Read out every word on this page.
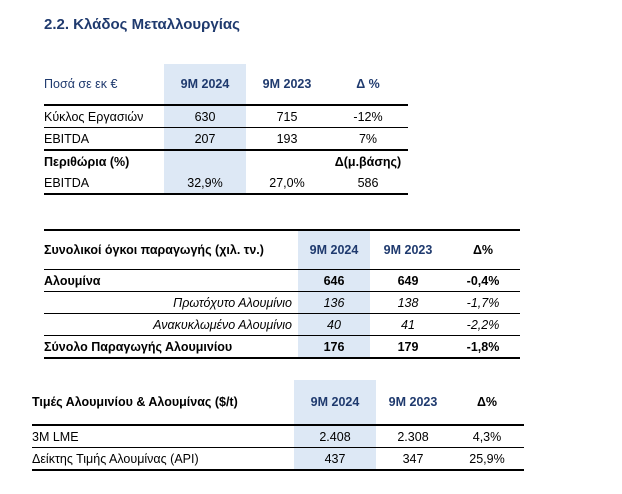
2.2. Κλάδος Μεταλλουργίας
Ποσά σε εκ €	9M 2024	9M 2023	Δ %
Κύκλος Εργασιών	630	715	-12%
EBITDA	207	193	7%
Περιθώρια (%)			Δ(μ.βάσης)
EBITDA	32,9%	27,0%	586
Συνολικοί όγκοι παραγωγής (χιλ. τν.)	9M 2024	9M 2023	Δ%
Αλουμίνα	646	649	-0,4%
Πρωτόχυτο Αλουμίνιο	136	138	-1,7%
Ανακυκλωμένο Αλουμίνιο	40	41	-2,2%
Σύνολο Παραγωγής Αλουμινίου	176	179	-1,8%
Τιμές Αλουμινίου & Αλουμίνας ($/t)	9M 2024	9M 2023	Δ%
3M LME	2.408	2.308	4,3%
Δείκτης Τιμής Αλουμίνας (API)	437	347	25,9%
